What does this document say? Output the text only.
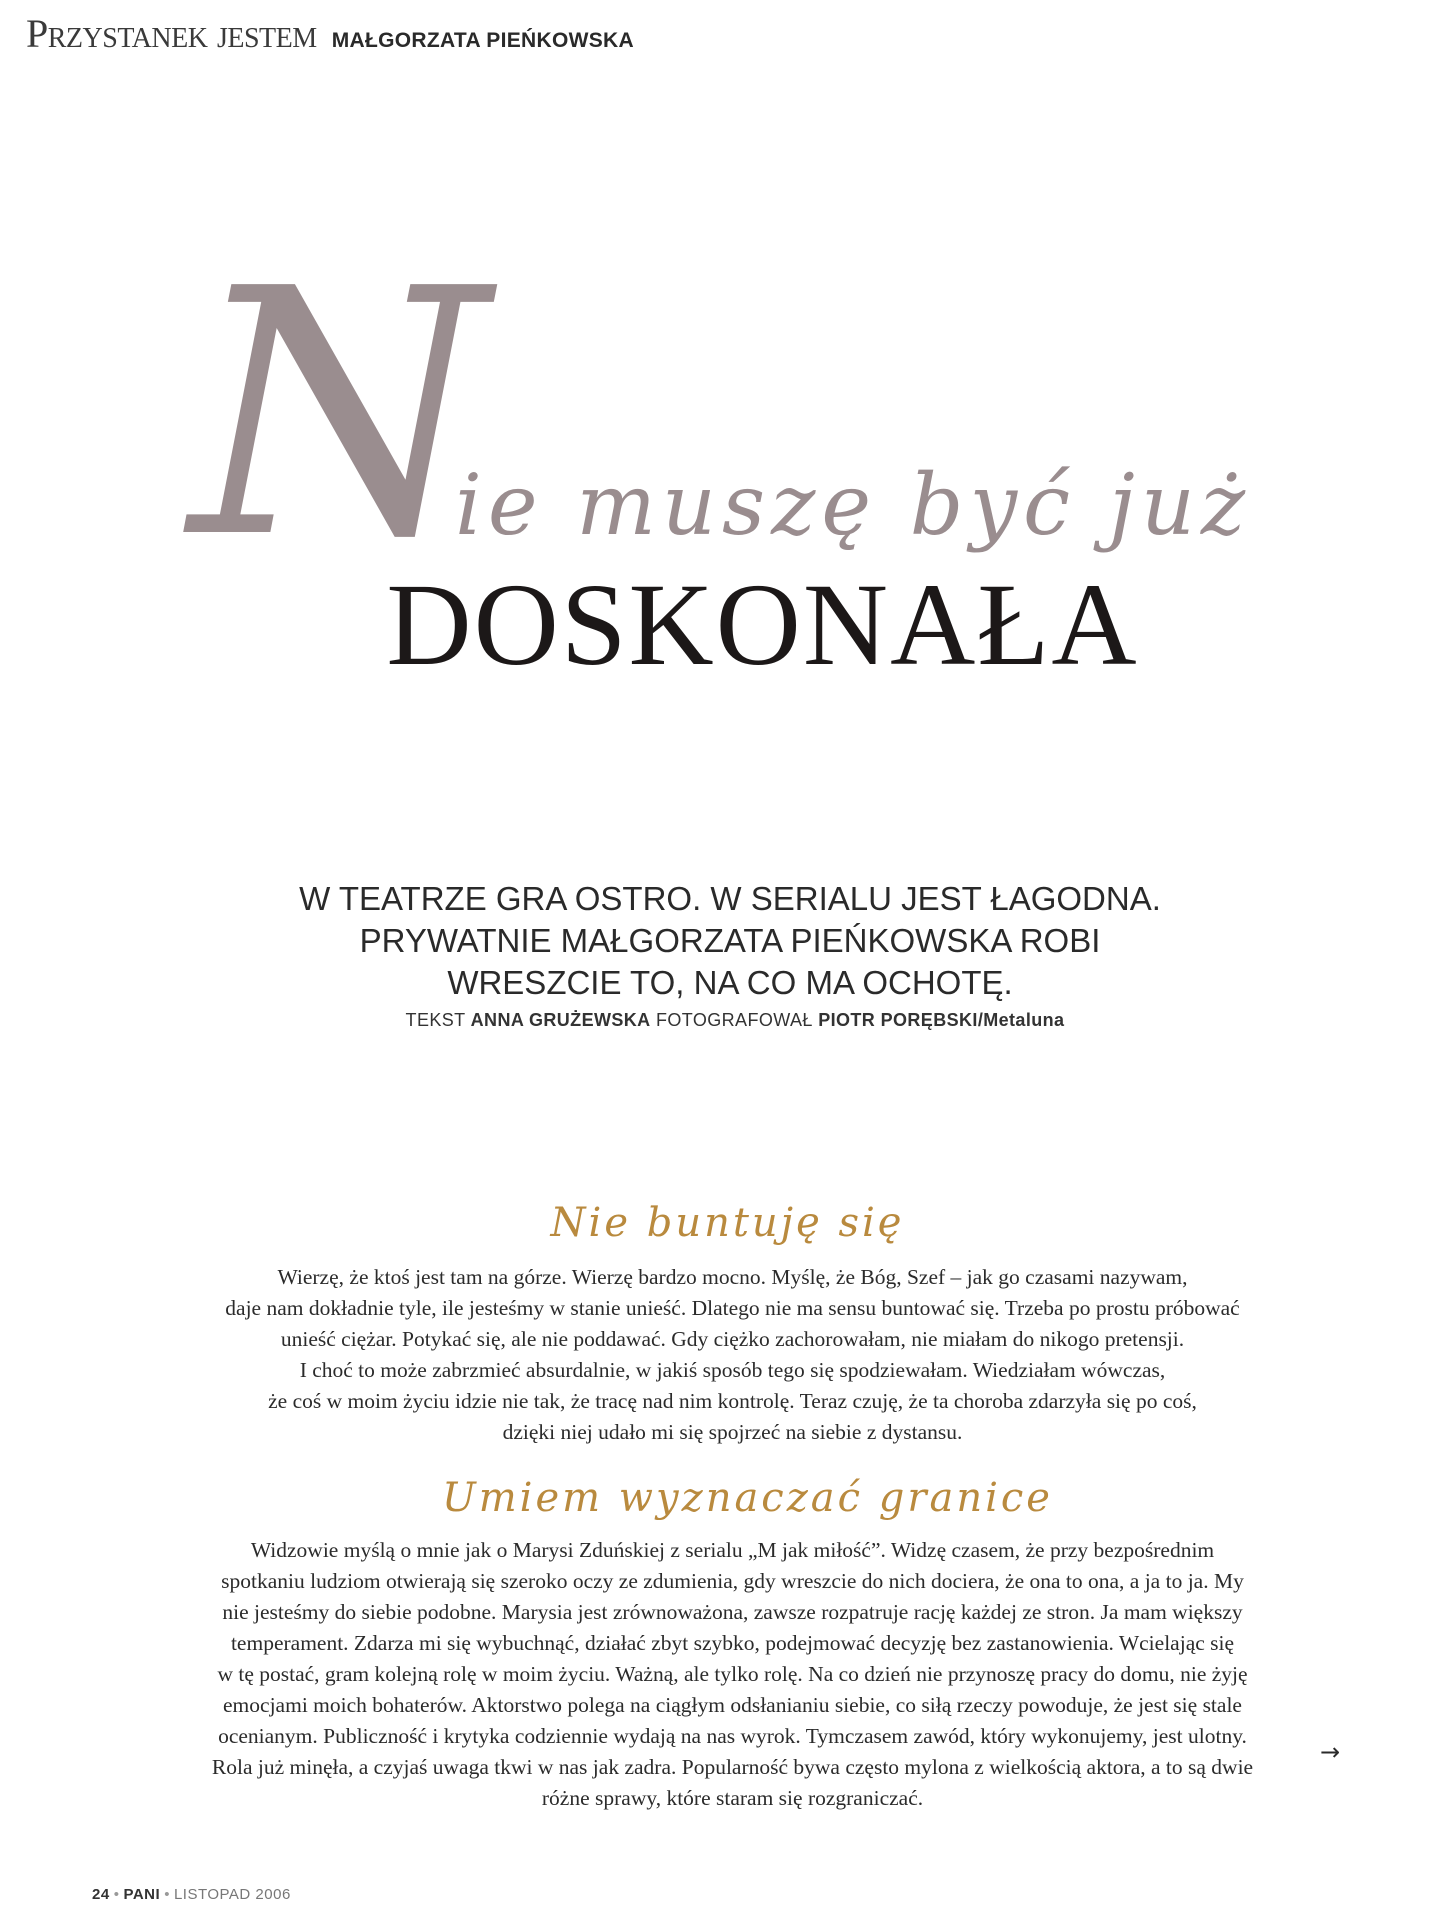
Przystanek jestem MAŁGORZATA PIEŃKOWSKA
N
ie muszę być już
DOSKONAŁA
W TEATRZE GRA OSTRO. W SERIALU JEST ŁAGODNA.
PRYWATNIE MAŁGORZATA PIEŃKOWSKA ROBI
WRESZCIE TO, NA CO MA OCHOTĘ.
TEKST ANNA GRUŻEWSKA FOTOGRAFOWAŁ PIOTR PORĘBSKI/Metaluna
Nie buntuję się
Wierzę, że ktoś jest tam na górze. Wierzę bardzo mocno. Myślę, że Bóg, Szef – jak go czasami nazywam,
daje nam dokładnie tyle, ile jesteśmy w stanie unieść. Dlatego nie ma sensu buntować się. Trzeba po prostu próbować
unieść ciężar. Potykać się, ale nie poddawać. Gdy ciężko zachorowałam, nie miałam do nikogo pretensji.
I choć to może zabrzmieć absurdalnie, w jakiś sposób tego się spodziewałam. Wiedziałam wówczas,
że coś w moim życiu idzie nie tak, że tracę nad nim kontrolę. Teraz czuję, że ta choroba zdarzyła się po coś,
dzięki niej udało mi się spojrzeć na siebie z dystansu.
Umiem wyznaczać granice
Widzowie myślą o mnie jak o Marysi Zduńskiej z serialu „M jak miłość”. Widzę czasem, że przy bezpośrednim
spotkaniu ludziom otwierają się szeroko oczy ze zdumienia, gdy wreszcie do nich dociera, że ona to ona, a ja to ja. My
nie jesteśmy do siebie podobne. Marysia jest zrównoważona, zawsze rozpatruje rację każdej ze stron. Ja mam większy
temperament. Zdarza mi się wybuchnąć, działać zbyt szybko, podejmować decyzję bez zastanowienia. Wcielając się
w tę postać, gram kolejną rolę w moim życiu. Ważną, ale tylko rolę. Na co dzień nie przynoszę pracy do domu, nie żyję
emocjami moich bohaterów. Aktorstwo polega na ciągłym odsłanianiu siebie, co siłą rzeczy powoduje, że jest się stale
ocenianym. Publiczność i krytyka codziennie wydają na nas wyrok. Tymczasem zawód, który wykonujemy, jest ulotny.
Rola już minęła, a czyjaś uwaga tkwi w nas jak zadra. Popularność bywa często mylona z wielkością aktora, a to są dwie
różne sprawy, które staram się rozgraniczać.
→
24 • PANI • LISTOPAD 2006
